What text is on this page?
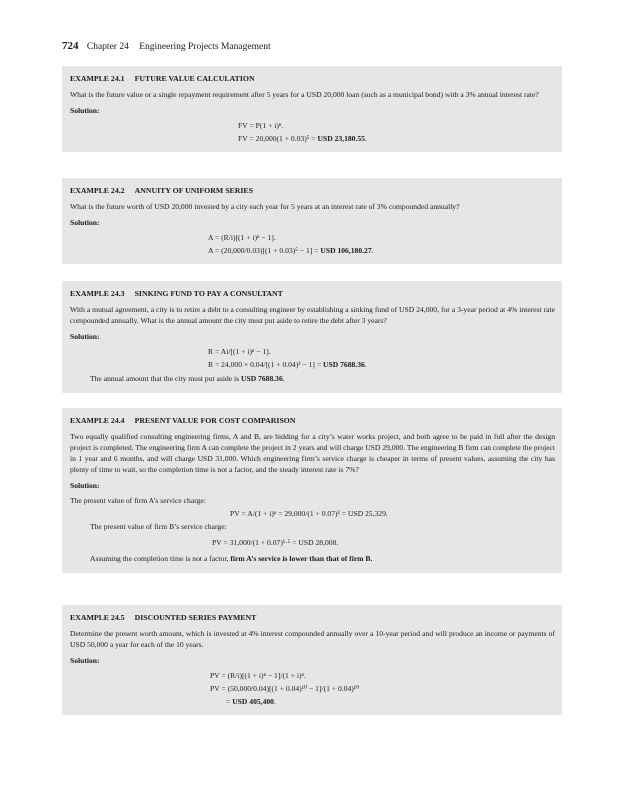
724 Chapter 24 Engineering Projects Management
EXAMPLE 24.1 FUTURE VALUE CALCULATION

What is the future value or a single repayment requirement after 5 years for a USD 20,000 loan (such as a municipal bond) with a 3% annual interest rate?

Solution:
FV = P(1 + i)ⁿ.
FV = 20,000(1 + 0.03)⁵ = USD 23,180.55.
EXAMPLE 24.2 ANNUITY OF UNIFORM SERIES

What is the future worth of USD 20,000 invested by a city each year for 5 years at an interest rate of 3% compounded annually?

Solution:
A = (R/i)[(1 + i)ⁿ − 1].
A = (20,000/0.03)[(1 + 0.03)⁵ − 1] = USD 106,180.27.
EXAMPLE 24.3 SINKING FUND TO PAY A CONSULTANT

With a mutual agreement, a city is to retire a debt to a consulting engineer by establishing a sinking fund of USD 24,000, for a 3-year period at 4% interest rate compounded annually. What is the annual amount the city must put aside to retire the debt after 3 years?

Solution:
R = Ai/[(1 + i)ⁿ − 1].
R = 24,000 × 0.04/[(1 + 0.04)³ − 1] = USD 7688.36.
The annual amount that the city must put aside is USD 7688.36.
EXAMPLE 24.4 PRESENT VALUE FOR COST COMPARISON

Two equally qualified consulting engineering firms, A and B, are bidding for a city’s water works project, and both agree to be paid in full after the design project is completed. The engineering firm A can complete the project in 2 years and will charge USD 29,000. The engineering B firm can complete the project in 1 year and 6 months, and will charge USD 31,000. Which engineering firm’s service charge is cheaper in terms of present values, assuming the city has plenty of time to wait, so the completion time is not a factor, and the steady interest rate is 7%?

Solution:
The present value of firm A’s service charge:
PV = A/(1 + i)ⁿ = 29,000/(1 + 0.07)² = USD 25,329.
The present value of firm B’s service charge:
PV = 31,000/(1 + 0.07)¹·⁵ = USD 28,008.
Assuming the completion time is not a factor, firm A’s service is lower than that of firm B.
EXAMPLE 24.5 DISCOUNTED SERIES PAYMENT

Determine the present worth amount, which is invested at 4% interest compounded annually over a 10-year period and will produce an income or payments of USD 50,000 a year for each of the 10 years.

Solution:
PV = (R/i)[(1 + i)ⁿ − 1]/(1 + i)ⁿ.
PV = (50,000/0.04)[(1 + 0.04)¹⁰ − 1]/(1 + 0.04)¹⁰
= USD 405,400.
